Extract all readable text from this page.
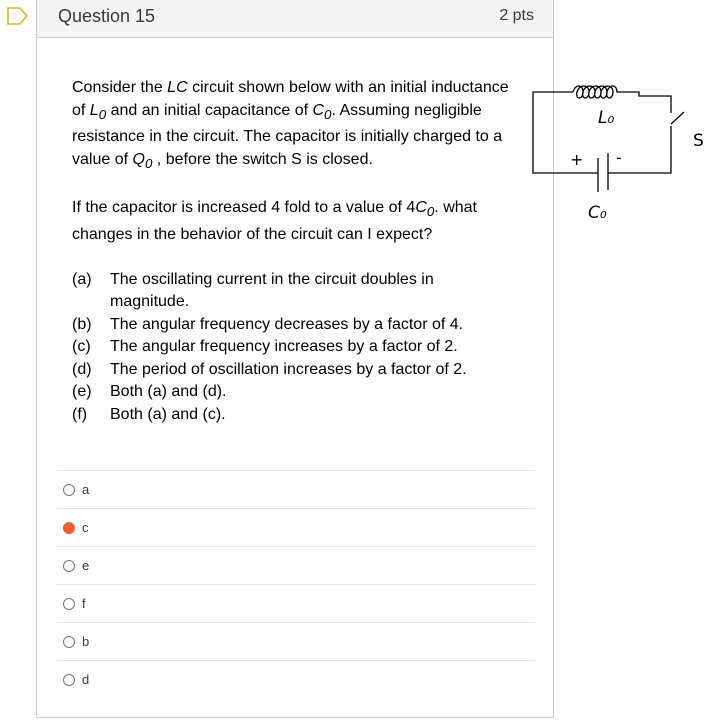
Question 15	2 pts

Consider the LC circuit shown below with an initial inductance of $L_0$ and an initial capacitance of $C_0$. Assuming negligible resistance in the circuit. The capacitor is initially charged to a value of $Q_0$ , before the switch S is closed.

If the capacitor is increased 4 fold to a value of $4C_0$. what changes in the behavior of the circuit can I expect?

(a)	The oscillating current in the circuit doubles in magnitude.
(b)	The angular frequency decreases by a factor of 4.
(c)	The angular frequency increases by a factor of 2.
(d)	The period of oscillation increases by a factor of 2.
(e)	Both (a) and (d).
(f)	Both (a) and (c).
a
c
e
f
b
d
+ -
L₀
C₀
S
